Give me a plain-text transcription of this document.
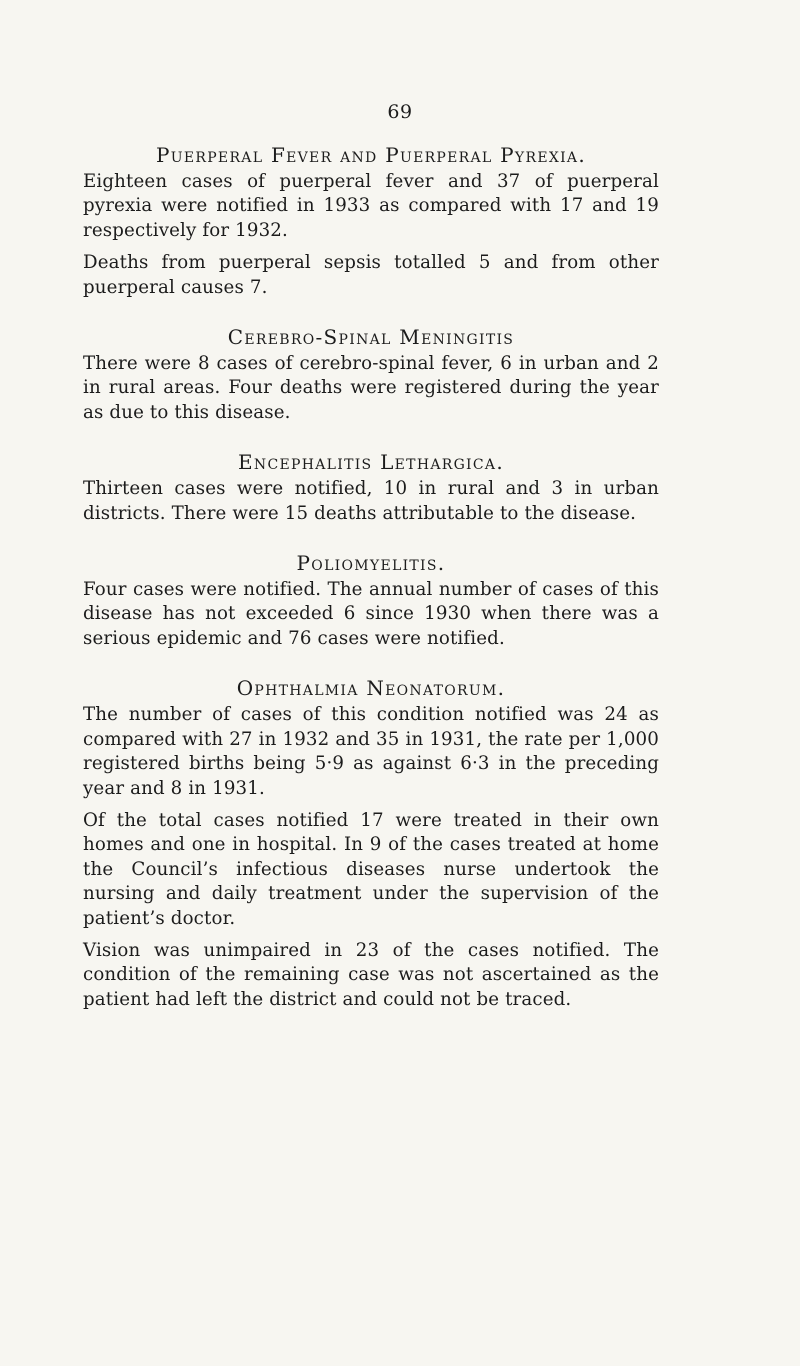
69

Puerperal Fever and Puerperal Pyrexia.

Eighteen cases of puerperal fever and 37 of puerperal pyrexia were notified in 1933 as compared with 17 and 19 respectively for 1932.

Deaths from puerperal sepsis totalled 5 and from other puerperal causes 7.

Cerebro-Spinal Meningitis

There were 8 cases of cerebro-spinal fever, 6 in urban and 2 in rural areas. Four deaths were registered during the year as due to this disease.

Encephalitis Lethargica.

Thirteen cases were notified, 10 in rural and 3 in urban districts. There were 15 deaths attributable to the disease.

Poliomyelitis.

Four cases were notified. The annual number of cases of this disease has not exceeded 6 since 1930 when there was a serious epidemic and 76 cases were notified.

Ophthalmia Neonatorum.

The number of cases of this condition notified was 24 as compared with 27 in 1932 and 35 in 1931, the rate per 1,000 registered births being 5·9 as against 6·3 in the preceding year and 8 in 1931.

Of the total cases notified 17 were treated in their own homes and one in hospital. In 9 of the cases treated at home the Council’s infectious diseases nurse undertook the nursing and daily treatment under the supervision of the patient’s doctor.

Vision was unimpaired in 23 of the cases notified. The condition of the remaining case was not ascertained as the patient had left the district and could not be traced.
